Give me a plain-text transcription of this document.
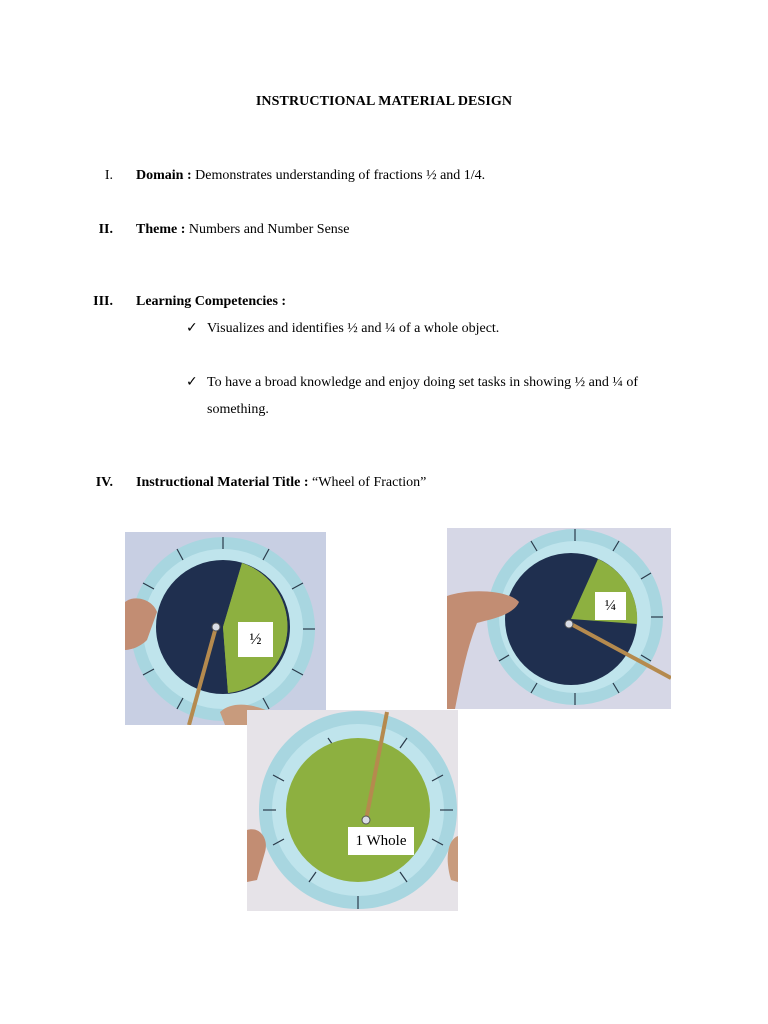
INSTRUCTIONAL MATERIAL DESIGN
I. Domain : Demonstrates understanding of fractions ½ and 1/4.
II. Theme : Numbers and Number Sense
III. Learning Competencies :
✓ Visualizes and identifies ½ and ¼ of a whole object.
✓ To have a broad knowledge and enjoy doing set tasks in showing ½ and ¼ of something.
IV. Instructional Material Title : “Wheel of Fraction”
½
¼
1 Whole
